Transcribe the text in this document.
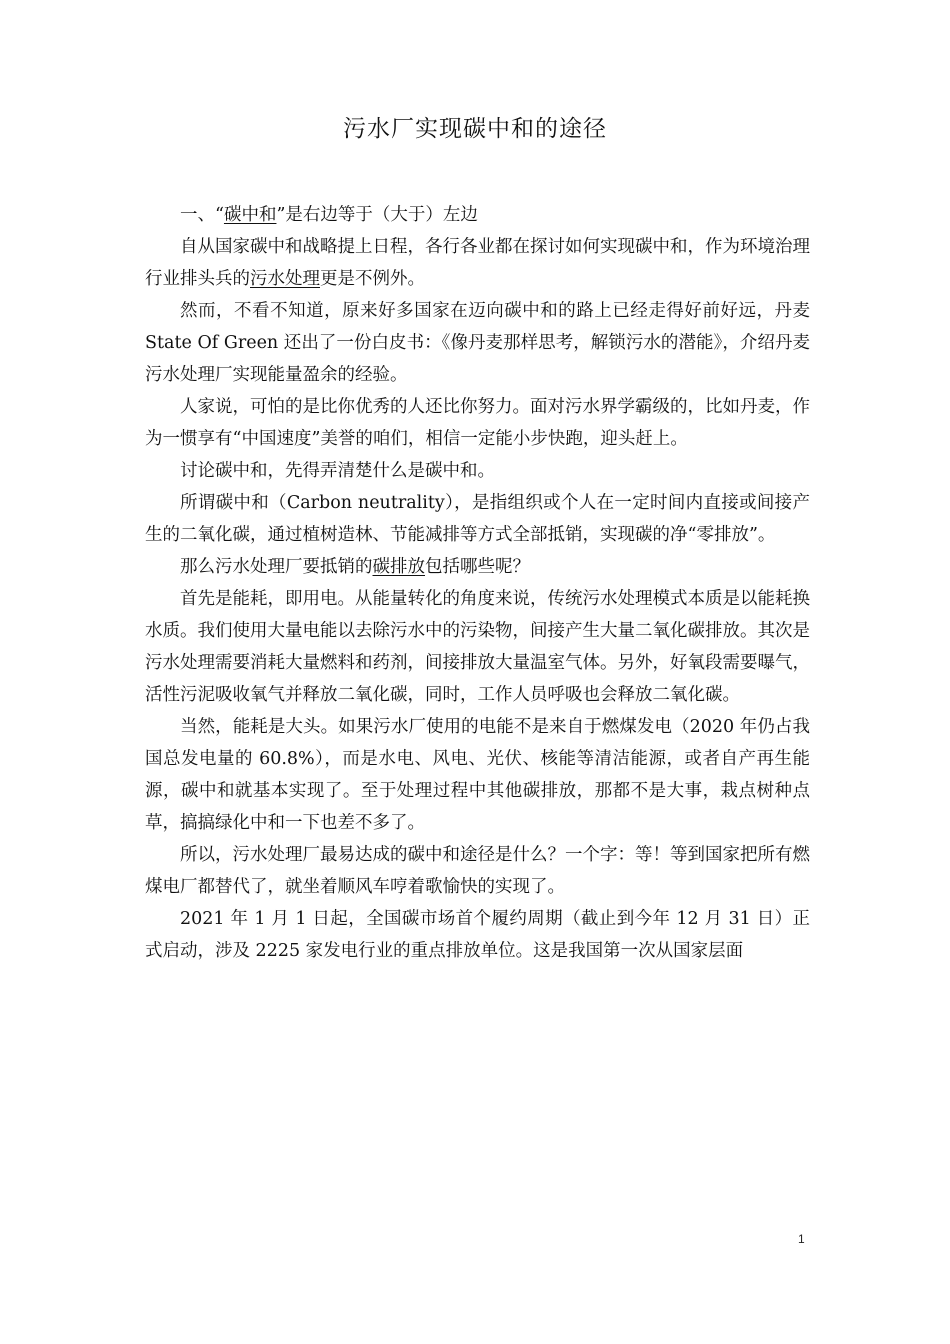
污水厂实现碳中和的途径

一、“碳中和”是右边等于（大于）左边

自从国家碳中和战略提上日程，各行各业都在探讨如何实现碳中和，作为环境治理行业排头兵的污水处理更是不例外。

然而，不看不知道，原来好多国家在迈向碳中和的路上已经走得好前好远，丹麦 State Of Green 还出了一份白皮书：《像丹麦那样思考，解锁污水的潜能》，介绍丹麦污水处理厂实现能量盈余的经验。

人家说，可怕的是比你优秀的人还比你努力。面对污水界学霸级的，比如丹麦，作为一惯享有“中国速度”美誉的咱们，相信一定能小步快跑，迎头赶上。

讨论碳中和，先得弄清楚什么是碳中和。

所谓碳中和（Carbon neutrality），是指组织或个人在一定时间内直接或间接产生的二氧化碳，通过植树造林、节能减排等方式全部抵销，实现碳的净“零排放”。

那么污水处理厂要抵销的碳排放包括哪些呢？

首先是能耗，即用电。从能量转化的角度来说，传统污水处理模式本质是以能耗换水质。我们使用大量电能以去除污水中的污染物，间接产生大量二氧化碳排放。其次是污水处理需要消耗大量燃料和药剂，间接排放大量温室气体。另外，好氧段需要曝气，活性污泥吸收氧气并释放二氧化碳，同时，工作人员呼吸也会释放二氧化碳。

当然，能耗是大头。如果污水厂使用的电能不是来自于燃煤发电（2020 年仍占我国总发电量的 60.8%），而是水电、风电、光伏、核能等清洁能源，或者自产再生能源，碳中和就基本实现了。至于处理过程中其他碳排放，那都不是大事，栽点树种点草，搞搞绿化中和一下也差不多了。

所以，污水处理厂最易达成的碳中和途径是什么？一个字：等！等到国家把所有燃煤电厂都替代了，就坐着顺风车哼着歌愉快的实现了。

2021 年 1 月 1 日起，全国碳市场首个履约周期（截止到今年 12 月 31 日）正式启动，涉及 2225 家发电行业的重点排放单位。这是我国第一次从国家层面

1
